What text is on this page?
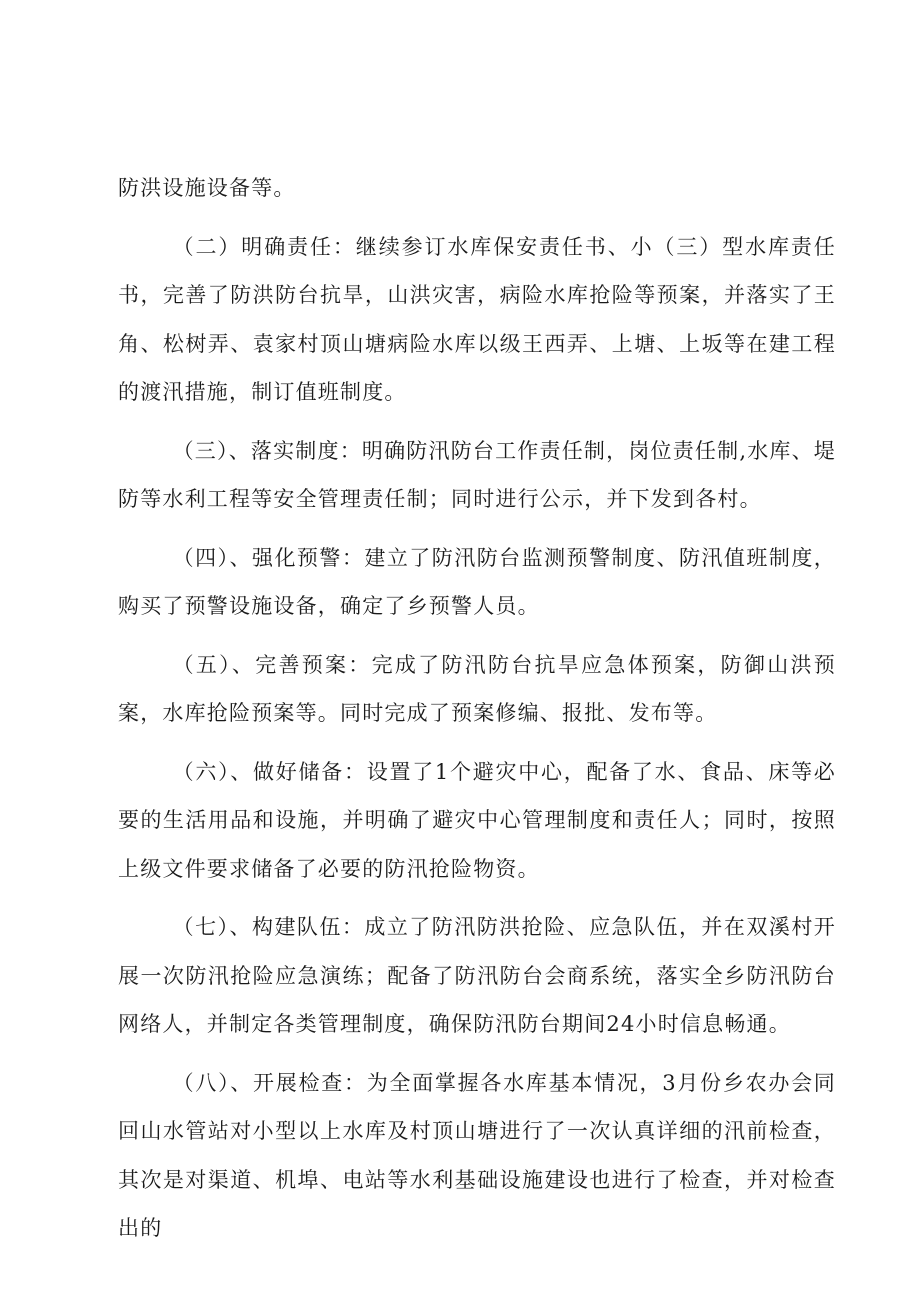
防洪设施设备等。

（二）明确责任：继续参订水库保安责任书、小（三）型水库责任书，完善了防洪防台抗旱，山洪灾害，病险水库抢险等预案，并落实了王角、松树弄、袁家村顶山塘病险水库以级王西弄、上塘、上坂等在建工程的渡汛措施，制订值班制度。

（三）、落实制度：明确防汛防台工作责任制，岗位责任制,水库、堤防等水利工程等安全管理责任制；同时进行公示，并下发到各村。

（四）、强化预警：建立了防汛防台监测预警制度、防汛值班制度，购买了预警设施设备，确定了乡预警人员。

（五）、完善预案：完成了防汛防台抗旱应急体预案，防御山洪预案，水库抢险预案等。同时完成了预案修编、报批、发布等。

（六）、做好储备：设置了1个避灾中心，配备了水、食品、床等必要的生活用品和设施，并明确了避灾中心管理制度和责任人；同时，按照上级文件要求储备了必要的防汛抢险物资。

（七）、构建队伍：成立了防汛防洪抢险、应急队伍，并在双溪村开展一次防汛抢险应急演练；配备了防汛防台会商系统，落实全乡防汛防台网络人，并制定各类管理制度，确保防汛防台期间24小时信息畅通。

（八）、开展检查：为全面掌握各水库基本情况，3月份乡农办会同回山水管站对小型以上水库及村顶山塘进行了一次认真详细的汛前检查，其次是对渠道、机埠、电站等水利基础设施建设也进行了检查，并对检查出的
